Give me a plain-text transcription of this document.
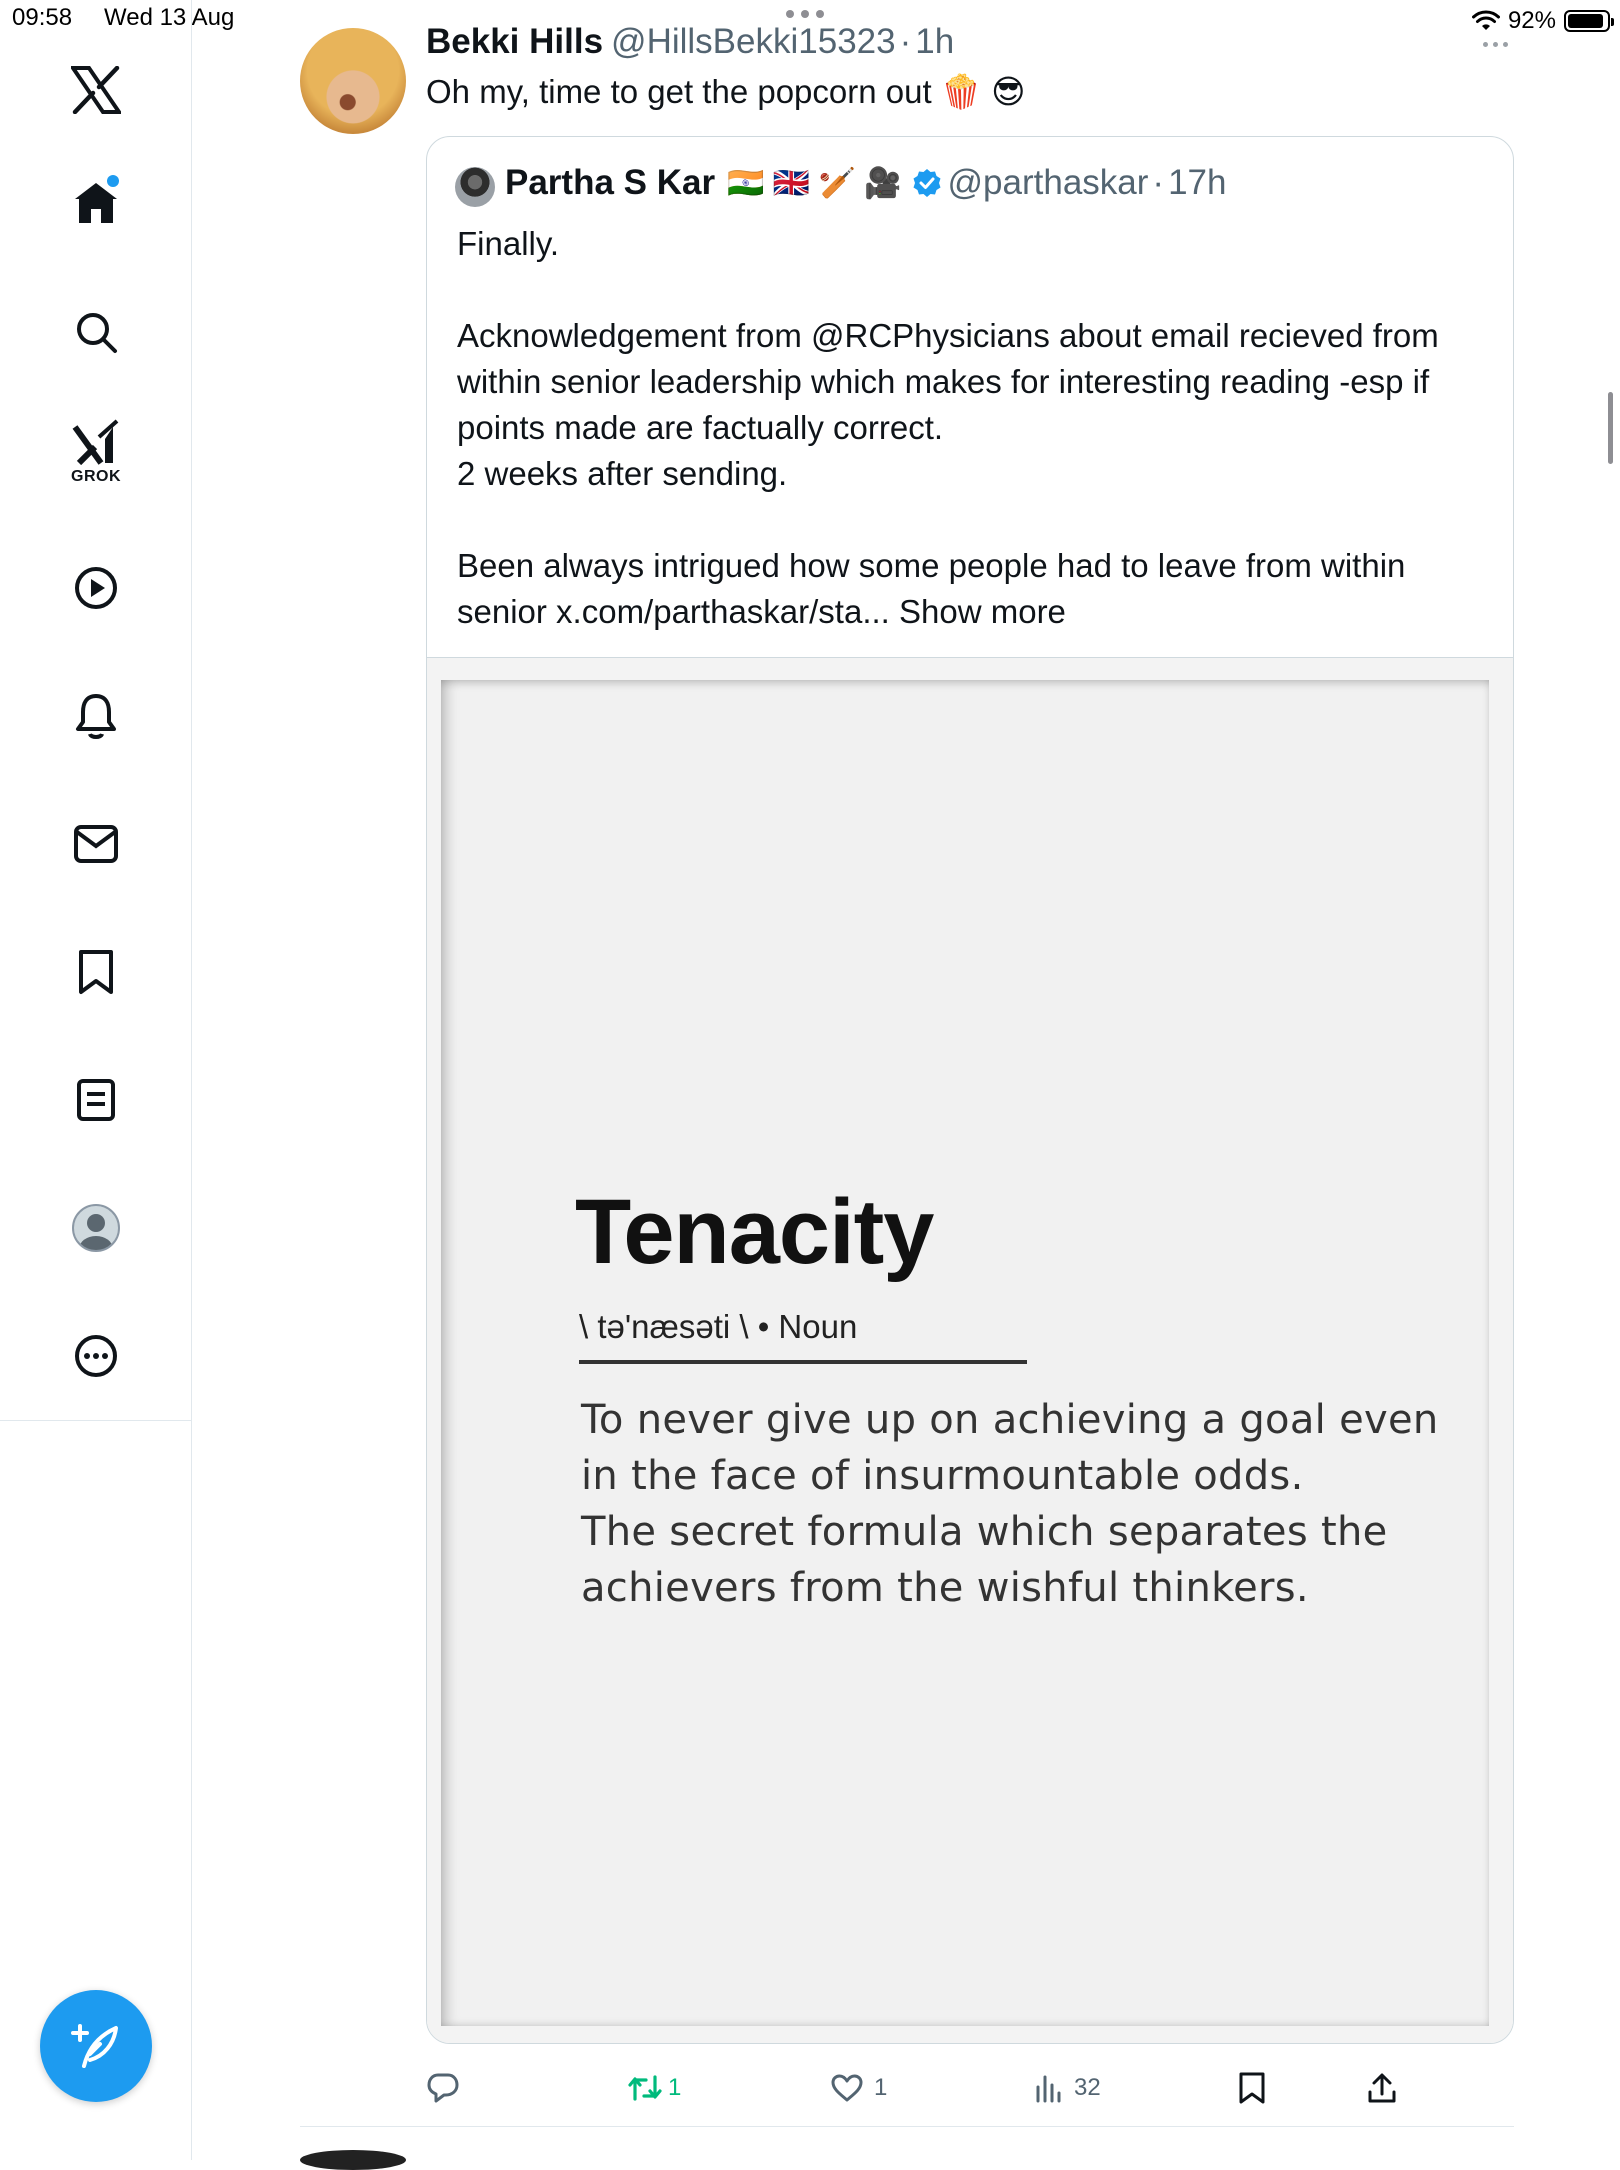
09:58 Wed 13 Aug	92%
GROK
Bekki Hills @HillsBekki15323 · 1h
Oh my, time to get the popcorn out 🍿 😎
Partha S Kar 🇮🇳 🇬🇧 🏏 🎥 @parthaskar · 17h

Finally.

Acknowledgement from @RCPhysicians about email recieved from

within senior leadership which makes for interesting reading -esp if

points made are factually correct.

2 weeks after sending.

Been always intrigued how some people had to leave from within

senior x.com/parthaskar/sta... Show more

Tenacity
\ tə'næsəti \ • Noun

To never give up on achieving a goal even

in the face of insurmountable odds.

The secret formula which separates the

achievers from the wishful thinkers.

1	1	32
